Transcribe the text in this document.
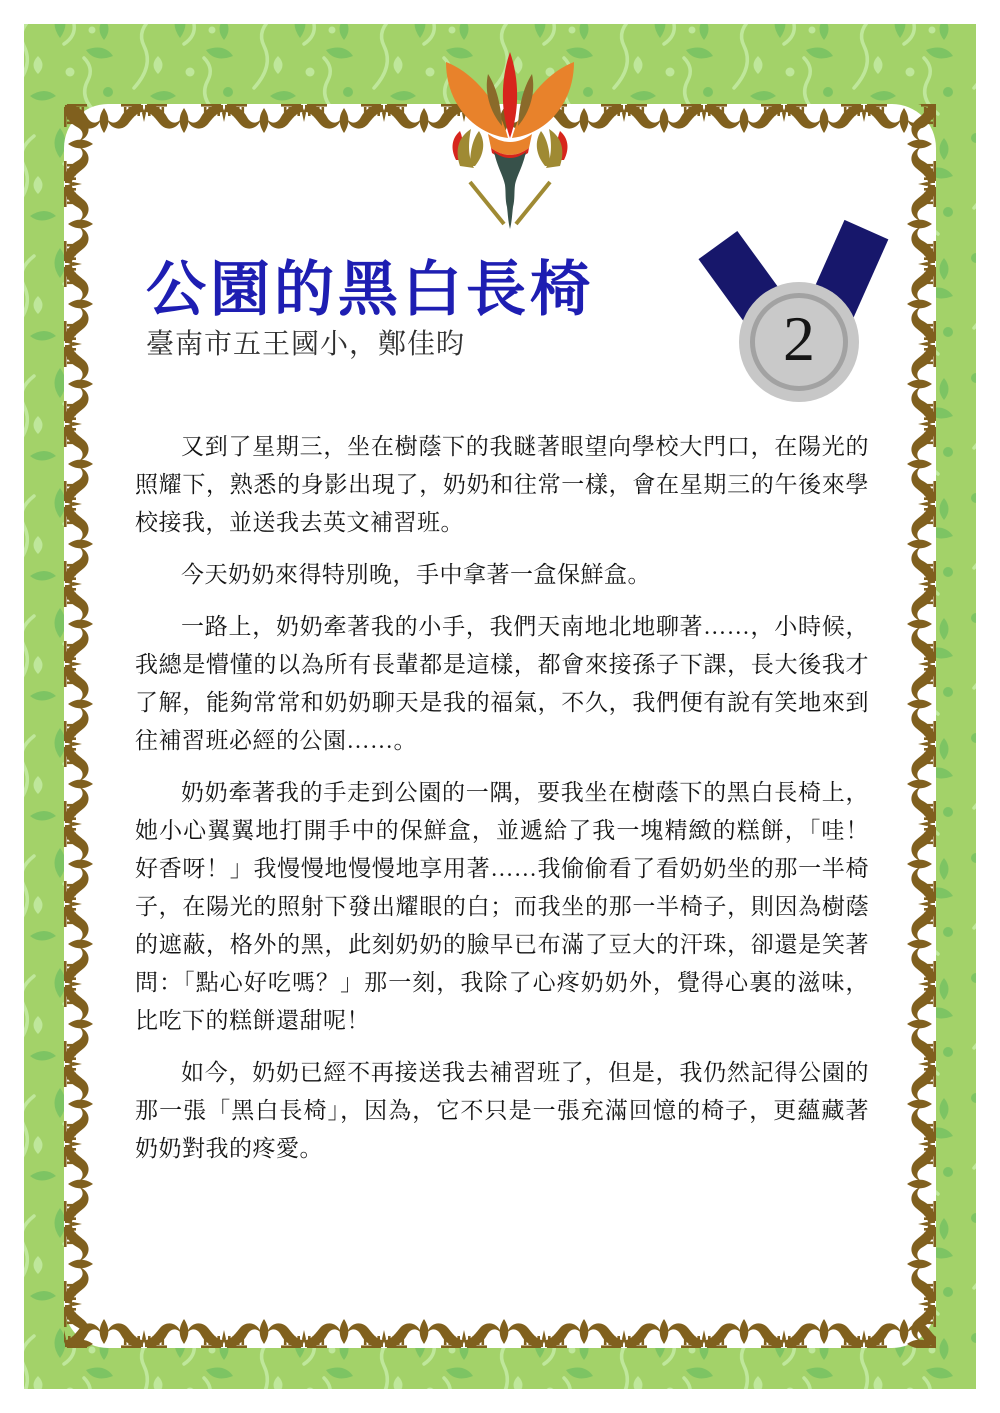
公園的黑白長椅
臺南市五王國小，鄭佳昀	2

又到了星期三，坐在樹蔭下的我瞇著眼望向學校大門口，在陽光的照耀下，熟悉的身影出現了，奶奶和往常一樣，會在星期三的午後來學校接我，並送我去英文補習班。

今天奶奶來得特別晚，手中拿著一盒保鮮盒。

一路上，奶奶牽著我的小手，我們天南地北地聊著……，小時候，我總是懵懂的以為所有長輩都是這樣，都會來接孫子下課，長大後我才了解，能夠常常和奶奶聊天是我的福氣，不久，我們便有說有笑地來到往補習班必經的公園……。

奶奶牽著我的手走到公園的一隅，要我坐在樹蔭下的黑白長椅上，她小心翼翼地打開手中的保鮮盒，並遞給了我一塊精緻的糕餅，「哇！好香呀！」我慢慢地慢慢地享用著……我偷偷看了看奶奶坐的那一半椅子，在陽光的照射下發出耀眼的白；而我坐的那一半椅子，則因為樹蔭的遮蔽，格外的黑，此刻奶奶的臉早已布滿了豆大的汗珠，卻還是笑著問：「點心好吃嗎？」那一刻，我除了心疼奶奶外，覺得心裏的滋味，比吃下的糕餅還甜呢！

如今，奶奶已經不再接送我去補習班了，但是，我仍然記得公園的那一張「黑白長椅」，因為，它不只是一張充滿回憶的椅子，更蘊藏著奶奶對我的疼愛。
